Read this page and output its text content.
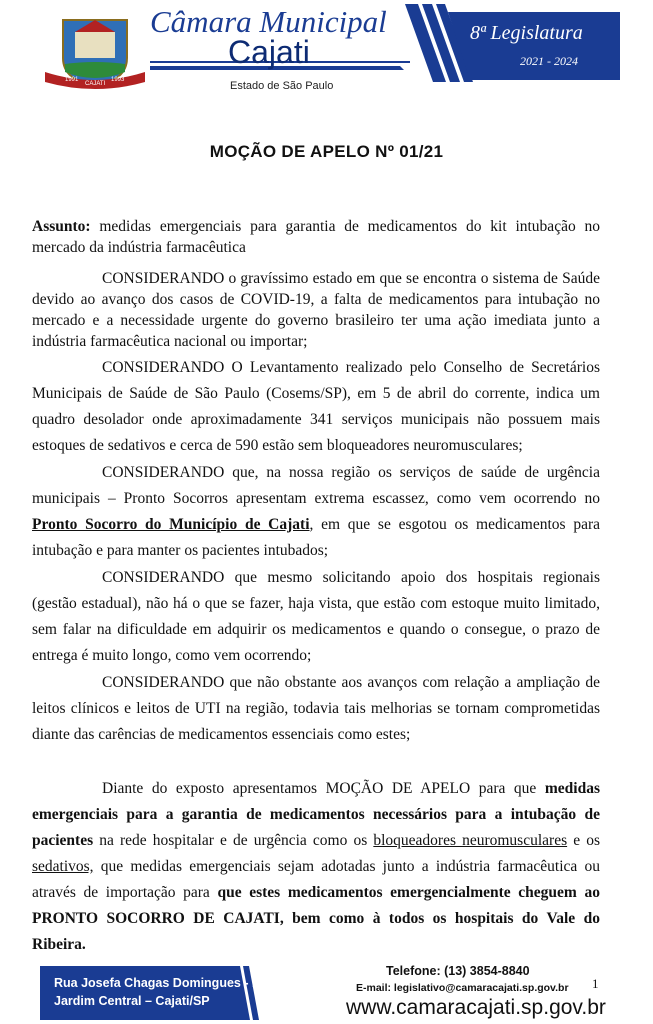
1991
CAJATI
1993
Câmara Municipal
Cajati
Estado de São Paulo
8ª Legislatura
2021 - 2024
MOÇÃO DE APELO Nº 01/21
Assunto: medidas emergenciais para garantia de medicamentos do kit intubação no mercado da indústria farmacêutica
CONSIDERANDO o gravíssimo estado em que se encontra o sistema de Saúde devido ao avanço dos casos de COVID-19, a falta de medicamentos para intubação no mercado e a necessidade urgente do governo brasileiro ter uma ação imediata junto a indústria farmacêutica nacional ou importar;
CONSIDERANDO O Levantamento realizado pelo Conselho de Secretários Municipais de Saúde de São Paulo (Cosems/SP), em 5 de abril do corrente, indica um quadro desolador onde aproximadamente 341 serviços municipais não possuem mais estoques de sedativos e cerca de 590 estão sem bloqueadores neuromusculares;
CONSIDERANDO que, na nossa região os serviços de saúde de urgência municipais – Pronto Socorros apresentam extrema escassez, como vem ocorrendo no Pronto Socorro do Município de Cajati, em que se esgotou os medicamentos para intubação e para manter os pacientes intubados;
CONSIDERANDO que mesmo solicitando apoio dos hospitais regionais (gestão estadual), não há o que se fazer, haja vista, que estão com estoque muito limitado, sem falar na dificuldade em adquirir os medicamentos e quando o consegue, o prazo de entrega é muito longo, como vem ocorrendo;
CONSIDERANDO que não obstante aos avanços com relação a ampliação de leitos clínicos e leitos de UTI na região, todavia tais melhorias se tornam comprometidas diante das carências de medicamentos essenciais como estes;
Diante do exposto apresentamos MOÇÃO DE APELO para que medidas emergenciais para a garantia de medicamentos necessários para a intubação de pacientes na rede hospitalar e de urgência como os bloqueadores neuromusculares e os sedativos, que medidas emergenciais sejam adotadas junto a indústria farmacêutica ou através de importação para que estes medicamentos emergencialmente cheguem ao PRONTO SOCORRO DE CAJATI, bem como à todos os hospitais do Vale do Ribeira.
Rua Josefa Chagas Domingues - 131
Jardim Central – Cajati/SP
Telefone: (13) 3854-8840
E-mail: legislativo@camaracajati.sp.gov.br
www.camaracajati.sp.gov.br
1
